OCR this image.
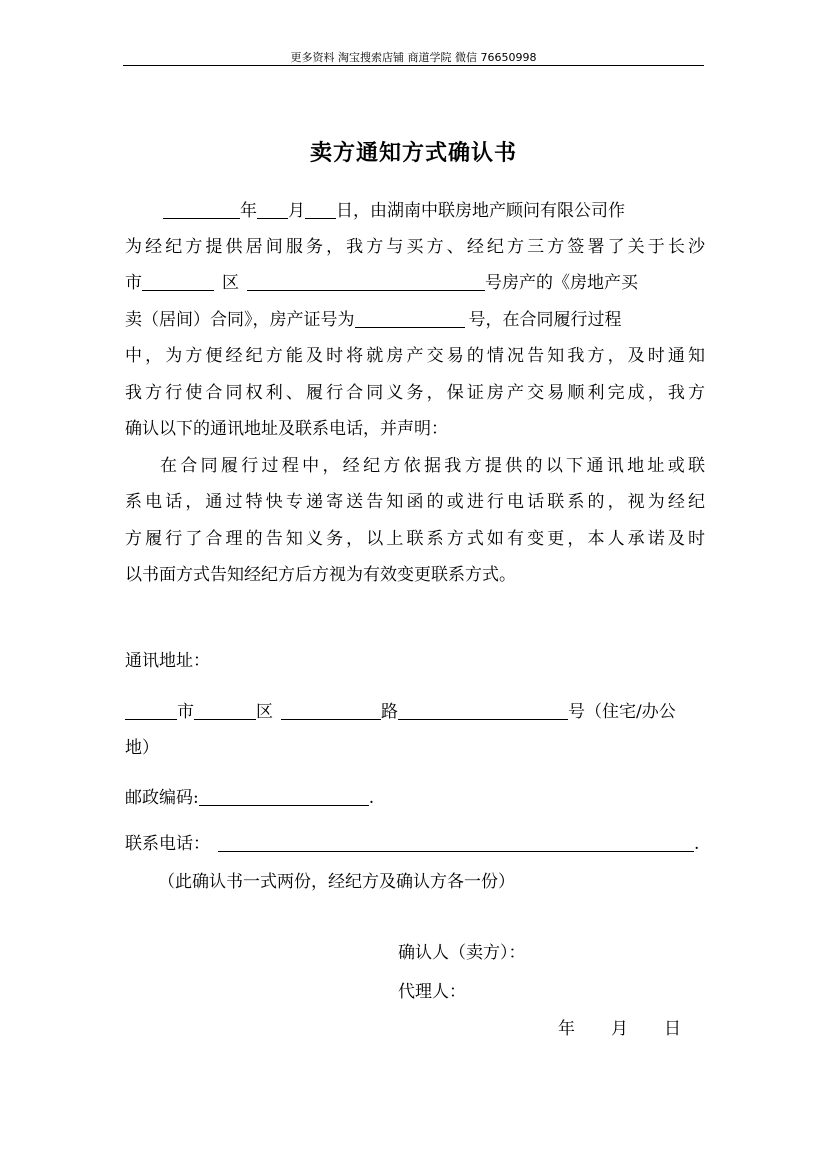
更多资料 淘宝搜索店铺 商道学院 微信 76650998
卖方通知方式确认书
年 月 日，由湖南中联房地产顾问有限公司作
为经纪方提供居间服务，我方与买方、经纪方三方签署了关于长沙
市	区	号房产的《房地产买
卖（居间）合同》，房产证号为	号，在合同履行过程
中，为方便经纪方能及时将就房产交易的情况告知我方，及时通知
我方行使合同权利、履行合同义务，保证房产交易顺利完成，我方
确认以下的通讯地址及联系电话，并声明：
在合同履行过程中，经纪方依据我方提供的以下通讯地址或联
系电话，通过特快专递寄送告知函的或进行电话联系的，视为经纪
方履行了合理的告知义务，以上联系方式如有变更，本人承诺及时
以书面方式告知经纪方后方视为有效变更联系方式。
通讯地址：
市	区	路	号（住宅/办公
地）
邮政编码:	.
联系电话：	.
（此确认书一式两份，经纪方及确认方各一份）
确认人（卖方）：
代理人：
年 月 日
